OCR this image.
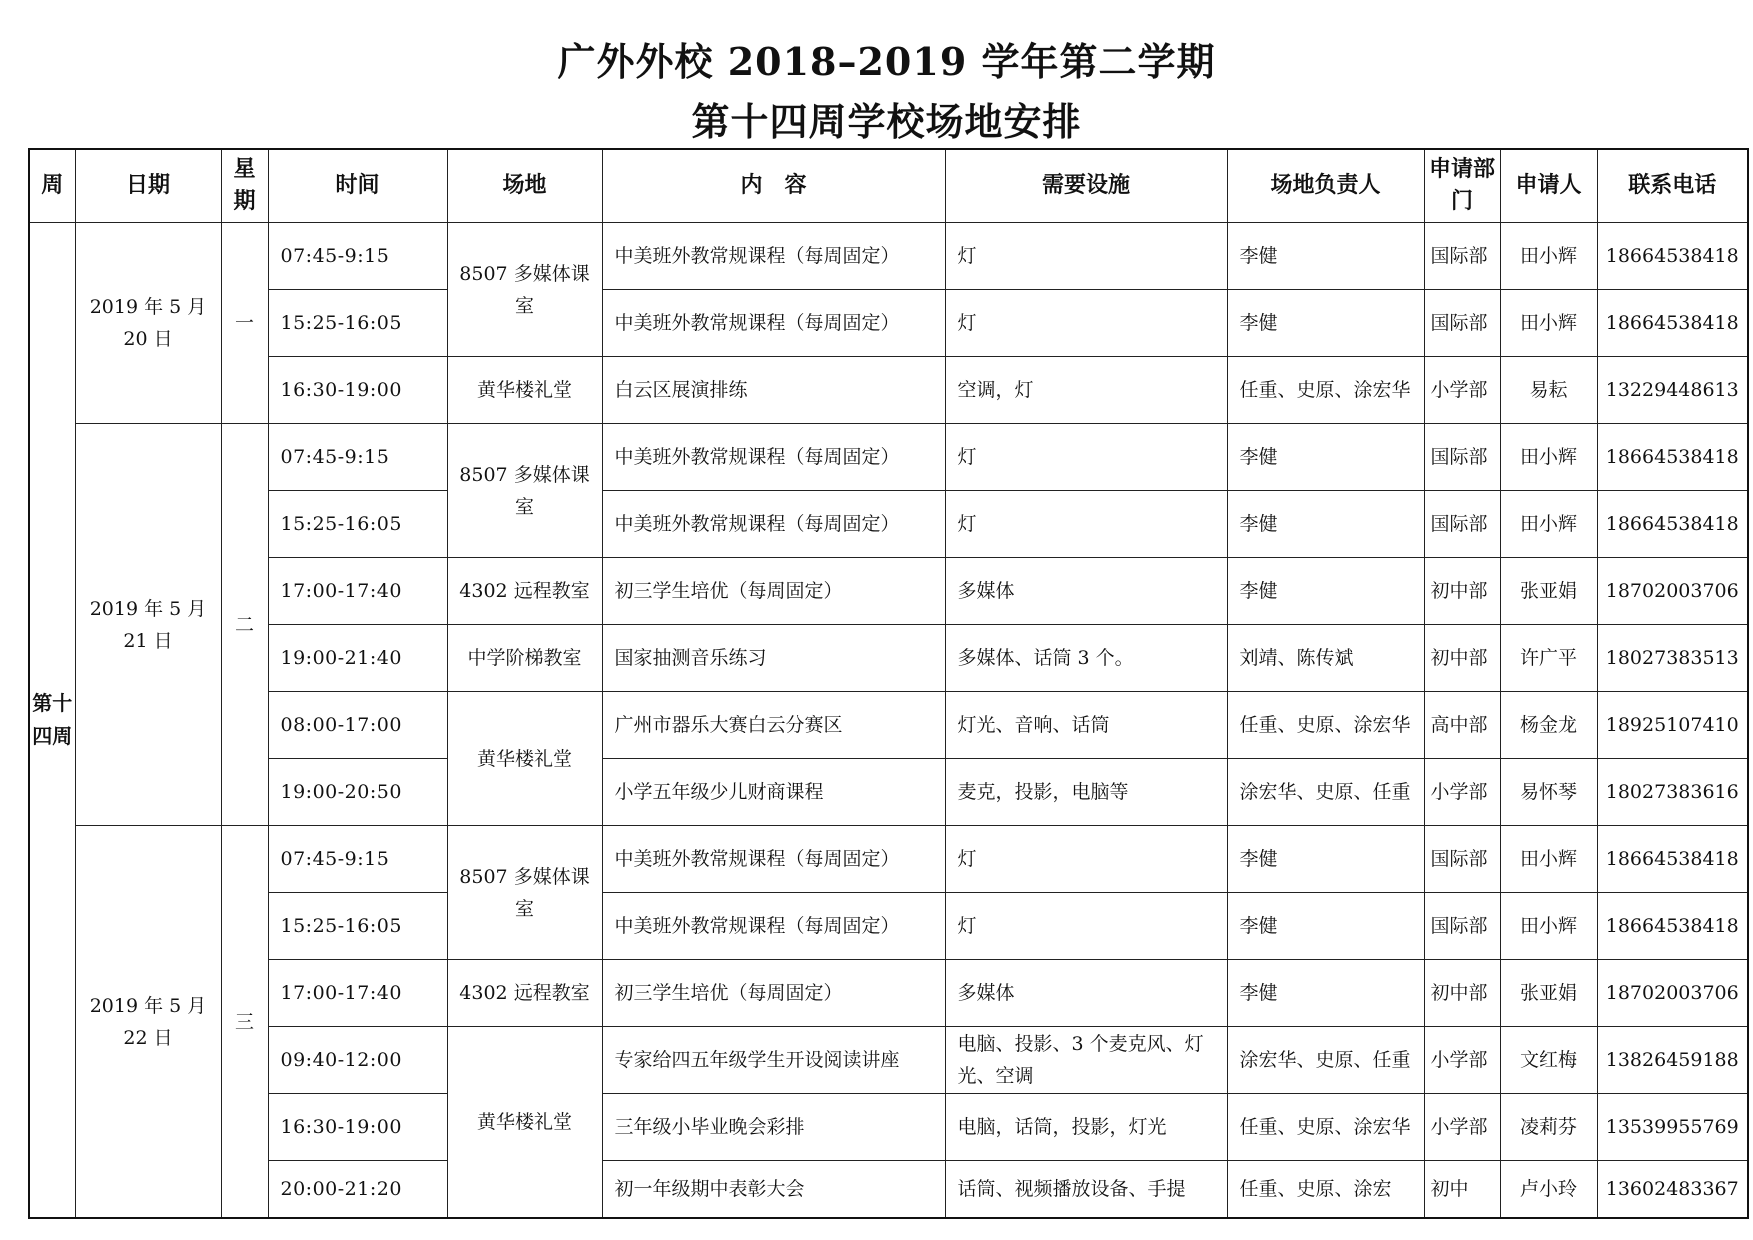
广外外校 2018–2019 学年第二学期
第十四周学校场地安排
周	日期	星期	时间	场地	内　容	需要设施	场地负责人	申请部门	申请人	联系电话
第十四周	2019 年 5 月 20 日	一	07:45-9:15	8507 多媒体课室	中美班外教常规课程（每周固定）	灯	李健	国际部	田小辉	18664538418
			15:25-16:05		中美班外教常规课程（每周固定）	灯	李健	国际部	田小辉	18664538418
			16:30-19:00	黄华楼礼堂	白云区展演排练	空调，灯	任重、史原、涂宏华	小学部	易耘	13229448613
	2019 年 5 月 21 日	二	07:45-9:15	8507 多媒体课室	中美班外教常规课程（每周固定）	灯	李健	国际部	田小辉	18664538418
			15:25-16:05		中美班外教常规课程（每周固定）	灯	李健	国际部	田小辉	18664538418
			17:00-17:40	4302 远程教室	初三学生培优（每周固定）	多媒体	李健	初中部	张亚娟	18702003706
			19:00-21:40	中学阶梯教室	国家抽测音乐练习	多媒体、话筒 3 个。	刘靖、陈传斌	初中部	许广平	18027383513
			08:00-17:00	黄华楼礼堂	广州市器乐大赛白云分赛区	灯光、音响、话筒	任重、史原、涂宏华	高中部	杨金龙	18925107410
			19:00-20:50		小学五年级少儿财商课程	麦克，投影，电脑等	涂宏华、史原、任重	小学部	易怀琴	18027383616
	2019 年 5 月 22 日	三	07:45-9:15	8507 多媒体课室	中美班外教常规课程（每周固定）	灯	李健	国际部	田小辉	18664538418
			15:25-16:05		中美班外教常规课程（每周固定）	灯	李健	国际部	田小辉	18664538418
			17:00-17:40	4302 远程教室	初三学生培优（每周固定）	多媒体	李健	初中部	张亚娟	18702003706
			09:40-12:00	黄华楼礼堂	专家给四五年级学生开设阅读讲座	电脑、投影、3 个麦克风、灯光、空调	涂宏华、史原、任重	小学部	文红梅	13826459188
			16:30-19:00		三年级小毕业晚会彩排	电脑，话筒，投影，灯光	任重、史原、涂宏华	小学部	凌莉芬	13539955769
			20:00-21:20		初一年级期中表彰大会	话筒、视频播放设备、手提	任重、史原、涂宏	初中	卢小玲	13602483367
